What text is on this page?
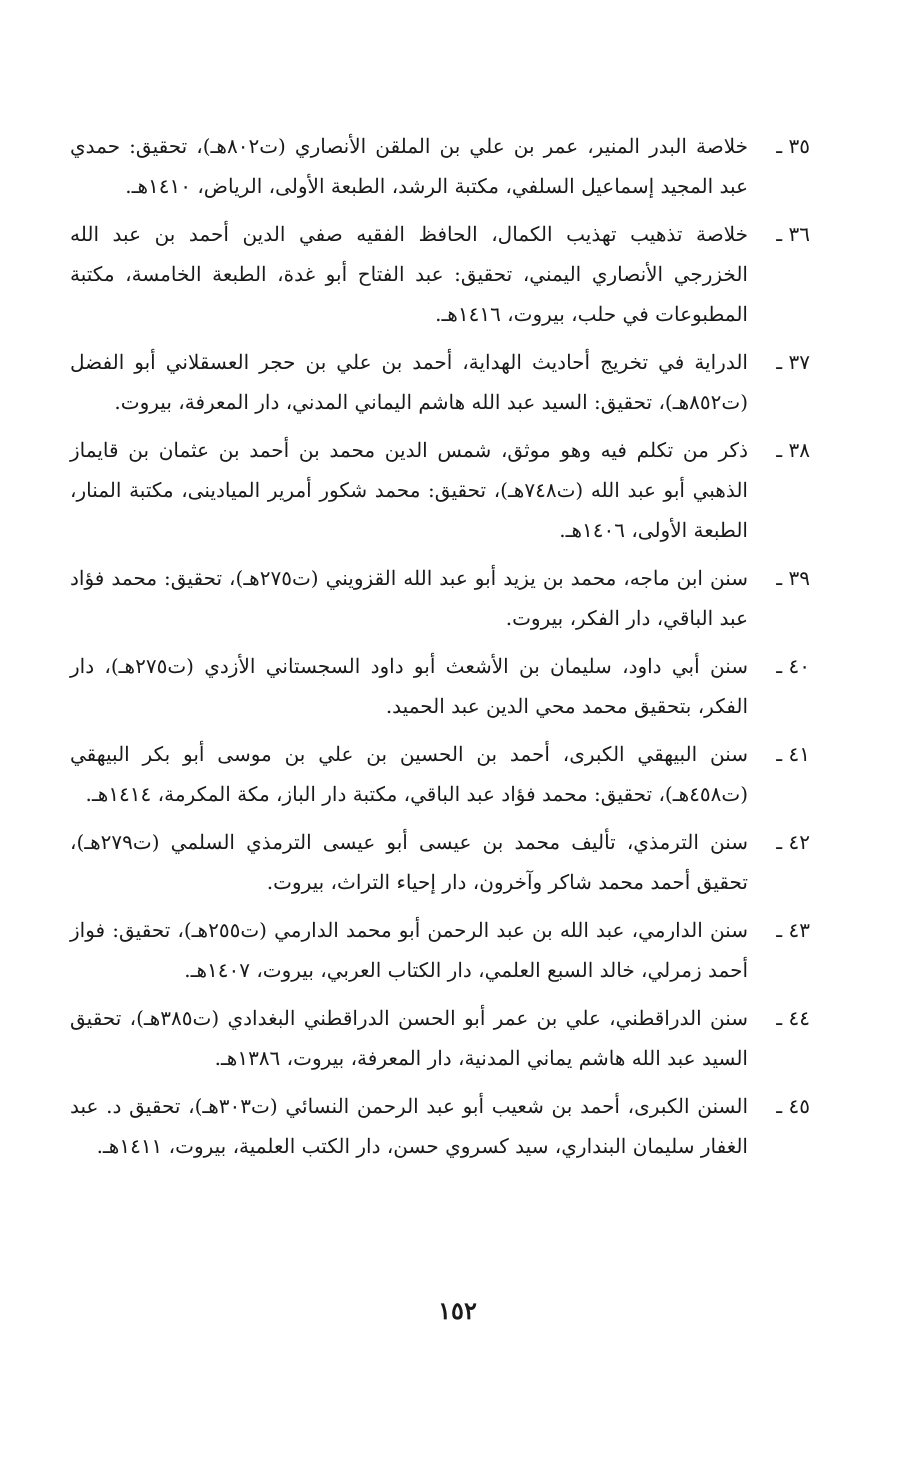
٣٥ ـ
خلاصة البدر المنير، عمر بن علي بن الملقن الأنصاري (ت٨٠٢هـ)، تحقيق: حمدي عبد المجيد إسماعيل السلفي، مكتبة الرشد، الطبعة الأولى، الرياض، ١٤١٠هـ.
٣٦ ـ
خلاصة تذهيب تهذيب الكمال، الحافظ الفقيه صفي الدين أحمد بن عبد الله الخزرجي الأنصاري اليمني، تحقيق: عبد الفتاح أبو غدة، الطبعة الخامسة، مكتبة المطبوعات في حلب، بيروت، ١٤١٦هـ.
٣٧ ـ
الدراية في تخريج أحاديث الهداية، أحمد بن علي بن حجر العسقلاني أبو الفضل (ت٨٥٢هـ)، تحقيق: السيد عبد الله هاشم اليماني المدني، دار المعرفة، بيروت.
٣٨ ـ
ذكر من تكلم فيه وهو موثق، شمس الدين محمد بن أحمد بن عثمان بن قايماز الذهبي أبو عبد الله (ت٧٤٨هـ)، تحقيق: محمد شكور أمرير الميادينى، مكتبة المنار، الطبعة الأولى، ١٤٠٦هـ.
٣٩ ـ
سنن ابن ماجه، محمد بن يزيد أبو عبد الله القزويني (ت٢٧٥هـ)، تحقيق: محمد فؤاد عبد الباقي، دار الفكر، بيروت.
٤٠ ـ
سنن أبي داود، سليمان بن الأشعث أبو داود السجستاني الأزدي (ت٢٧٥هـ)، دار الفكر، بتحقيق محمد محي الدين عبد الحميد.
٤١ ـ
سنن البيهقي الكبرى، أحمد بن الحسين بن علي بن موسى أبو بكر البيهقي (ت٤٥٨هـ)، تحقيق: محمد فؤاد عبد الباقي، مكتبة دار الباز، مكة المكرمة، ١٤١٤هـ.
٤٢ ـ
سنن الترمذي، تأليف محمد بن عيسى أبو عيسى الترمذي السلمي (ت٢٧٩هـ)، تحقيق أحمد محمد شاكر وآخرون، دار إحياء التراث، بيروت.
٤٣ ـ
سنن الدارمي، عبد الله بن عبد الرحمن أبو محمد الدارمي (ت٢٥٥هـ)، تحقيق: فواز أحمد زمرلي، خالد السبع العلمي، دار الكتاب العربي، بيروت، ١٤٠٧هـ.
٤٤ ـ
سنن الدراقطني، علي بن عمر أبو الحسن الدراقطني البغدادي (ت٣٨٥هـ)، تحقيق السيد عبد الله هاشم يماني المدنية، دار المعرفة، بيروت، ١٣٨٦هـ.
٤٥ ـ
السنن الكبرى، أحمد بن شعيب أبو عبد الرحمن النسائي (ت٣٠٣هـ)، تحقيق د. عبد الغفار سليمان البنداري، سيد كسروي حسن، دار الكتب العلمية، بيروت، ١٤١١هـ.
١٥٢
